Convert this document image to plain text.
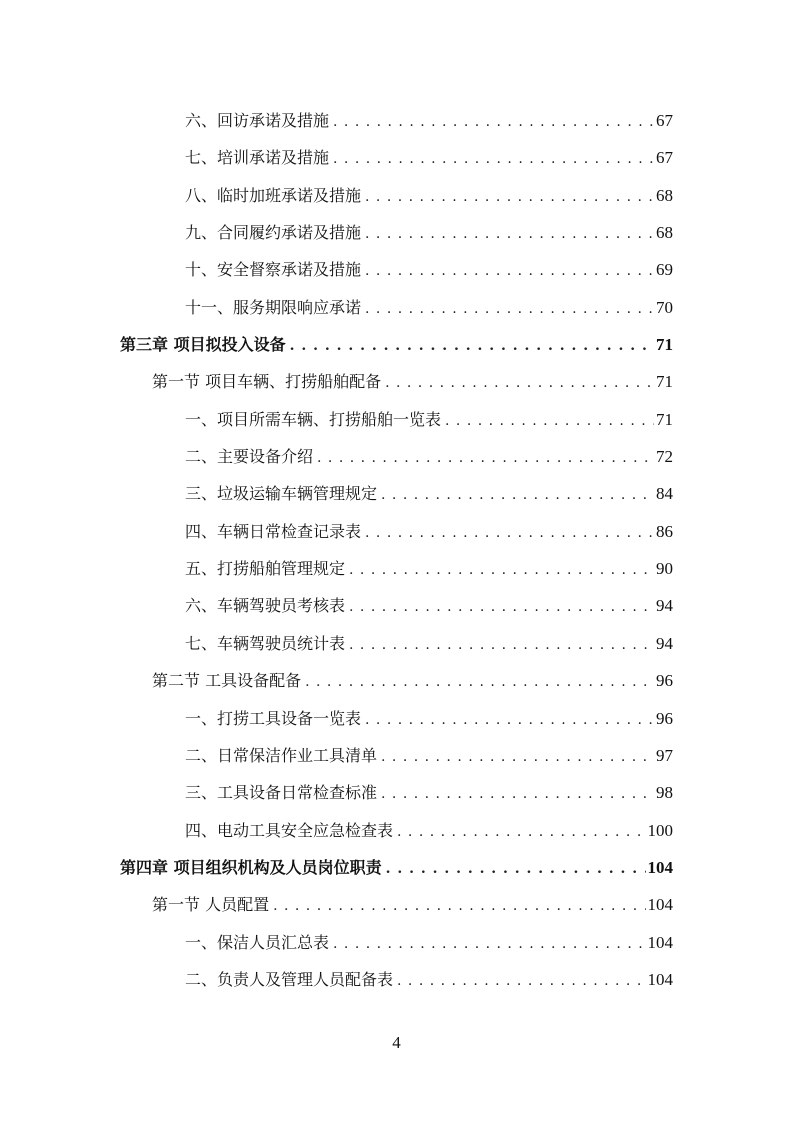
六、回访承诺及措施 . . .	67
七、培训承诺及措施 . . .	67
八、临时加班承诺及措施 . . .	68
九、合同履约承诺及措施 . . .	68
十、安全督察承诺及措施 . . .	69
十一、服务期限响应承诺 . . .	70
第三章 项目拟投入设备 . . .	71
第一节 项目车辆、打捞船舶配备 . . .	71
一、项目所需车辆、打捞船舶一览表 . . .	71
二、主要设备介绍 . . .	72
三、垃圾运输车辆管理规定 . . .	84
四、车辆日常检查记录表 . . .	86
五、打捞船舶管理规定 . . .	90
六、车辆驾驶员考核表 . . .	94
七、车辆驾驶员统计表 . . .	94
第二节 工具设备配备 . . .	96
一、打捞工具设备一览表 . . .	96
二、日常保洁作业工具清单 . . .	97
三、工具设备日常检查标准 . . .	98
四、电动工具安全应急检查表 . . .	100
第四章 项目组织机构及人员岗位职责 . . .	104
第一节 人员配置 . . .	104
一、保洁人员汇总表 . . .	104
二、负责人及管理人员配备表 . . .	104
4
